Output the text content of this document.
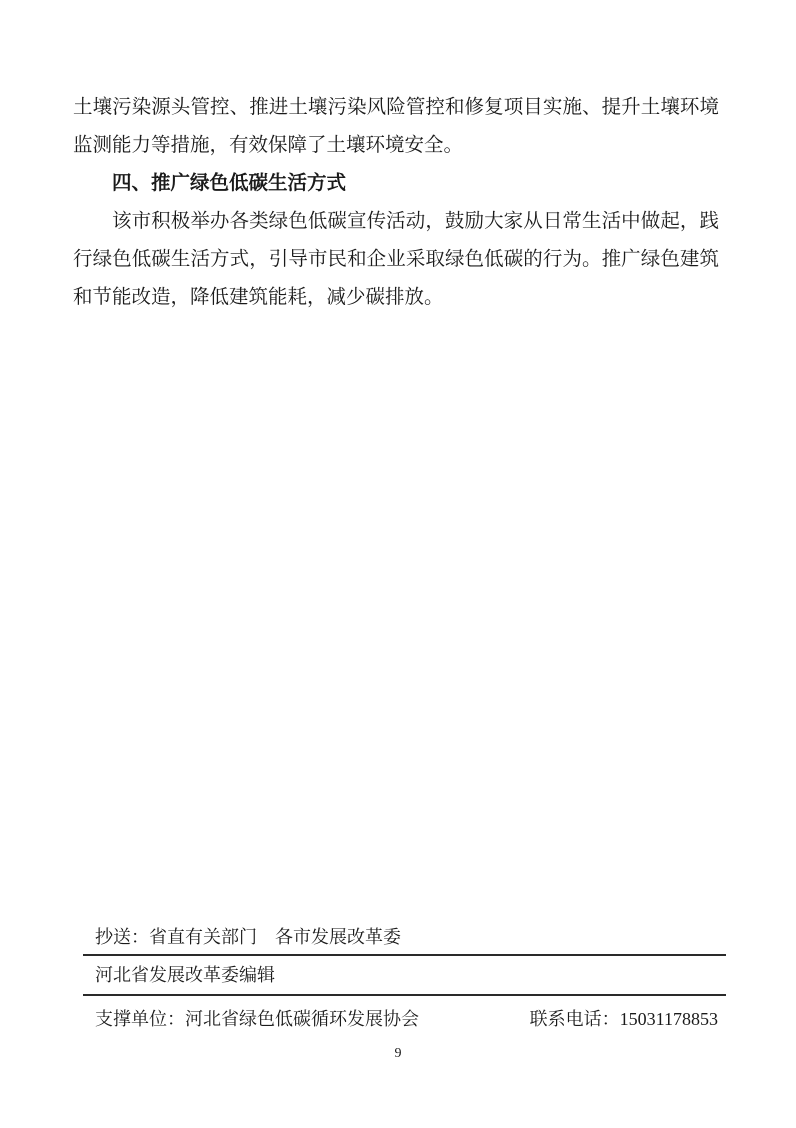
土壤污染源头管控、推进土壤污染风险管控和修复项目实施、提升土壤环境监测能力等措施，有效保障了土壤环境安全。

四、推广绿色低碳生活方式

该市积极举办各类绿色低碳宣传活动，鼓励大家从日常生活中做起，践行绿色低碳生活方式，引导市民和企业采取绿色低碳的行为。推广绿色建筑和节能改造，降低建筑能耗，减少碳排放。

抄送：省直有关部门　各市发展改革委
河北省发展改革委编辑
支撑单位：河北省绿色低碳循环发展协会	联系电话：15031178853
9
